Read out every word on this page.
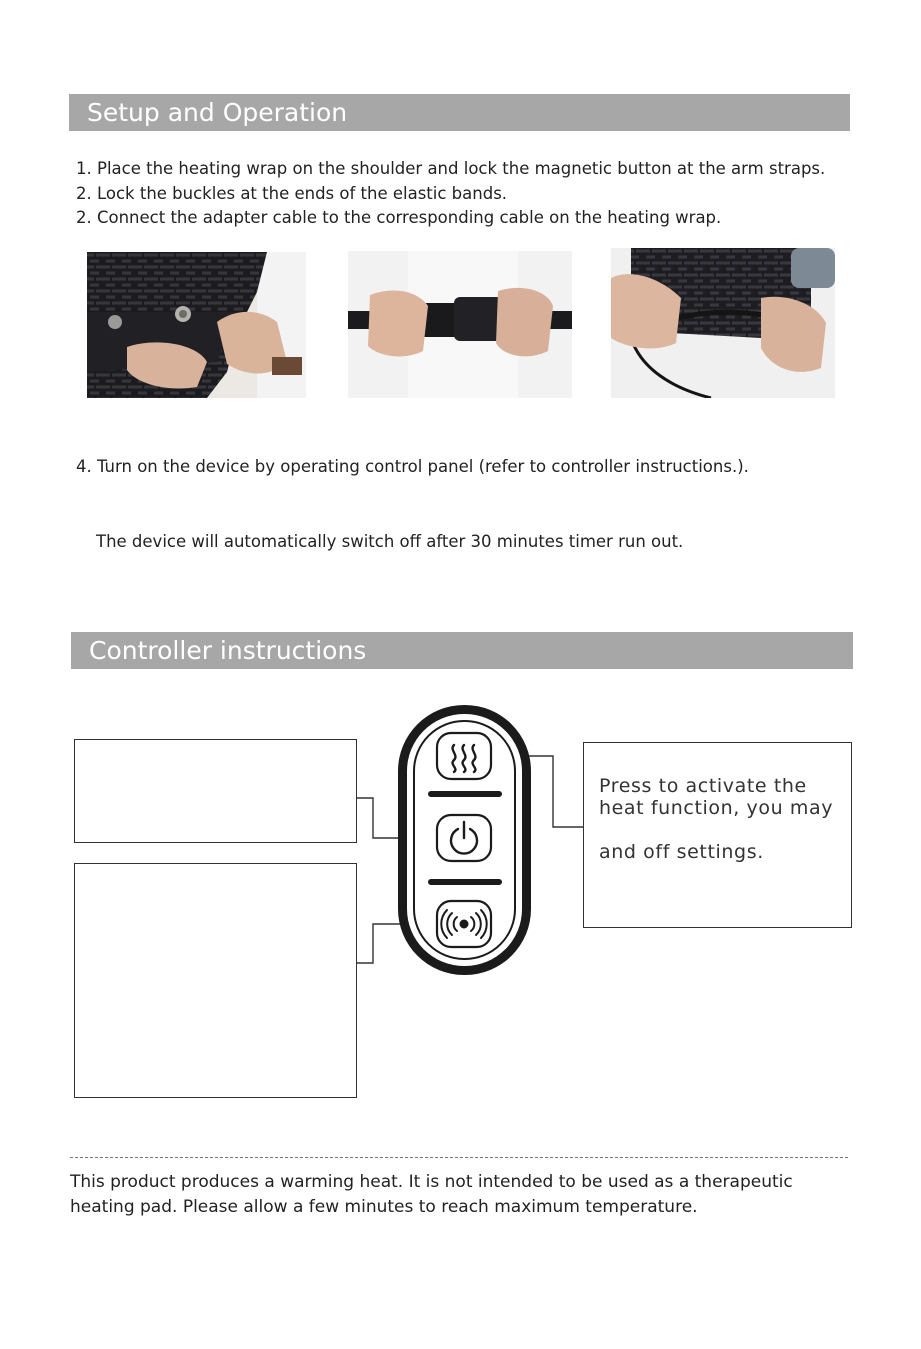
Setup and Operation
1. Place the heating wrap on the shoulder and lock the magnetic button at the arm straps.
2. Lock the buckles at the ends of the elastic bands.
2. Connect the adapter cable to the corresponding cable on the heating wrap.
4. Turn on the device by operating control panel (refer to controller instructions.).
The device will automatically switch off after 30 minutes timer run out.
Controller instructions
Press to activate the
heat function, you may
and off settings.
This product produces a warming heat. It is not intended to be used as a therapeutic
heating pad. Please allow a few minutes to reach maximum temperature.
